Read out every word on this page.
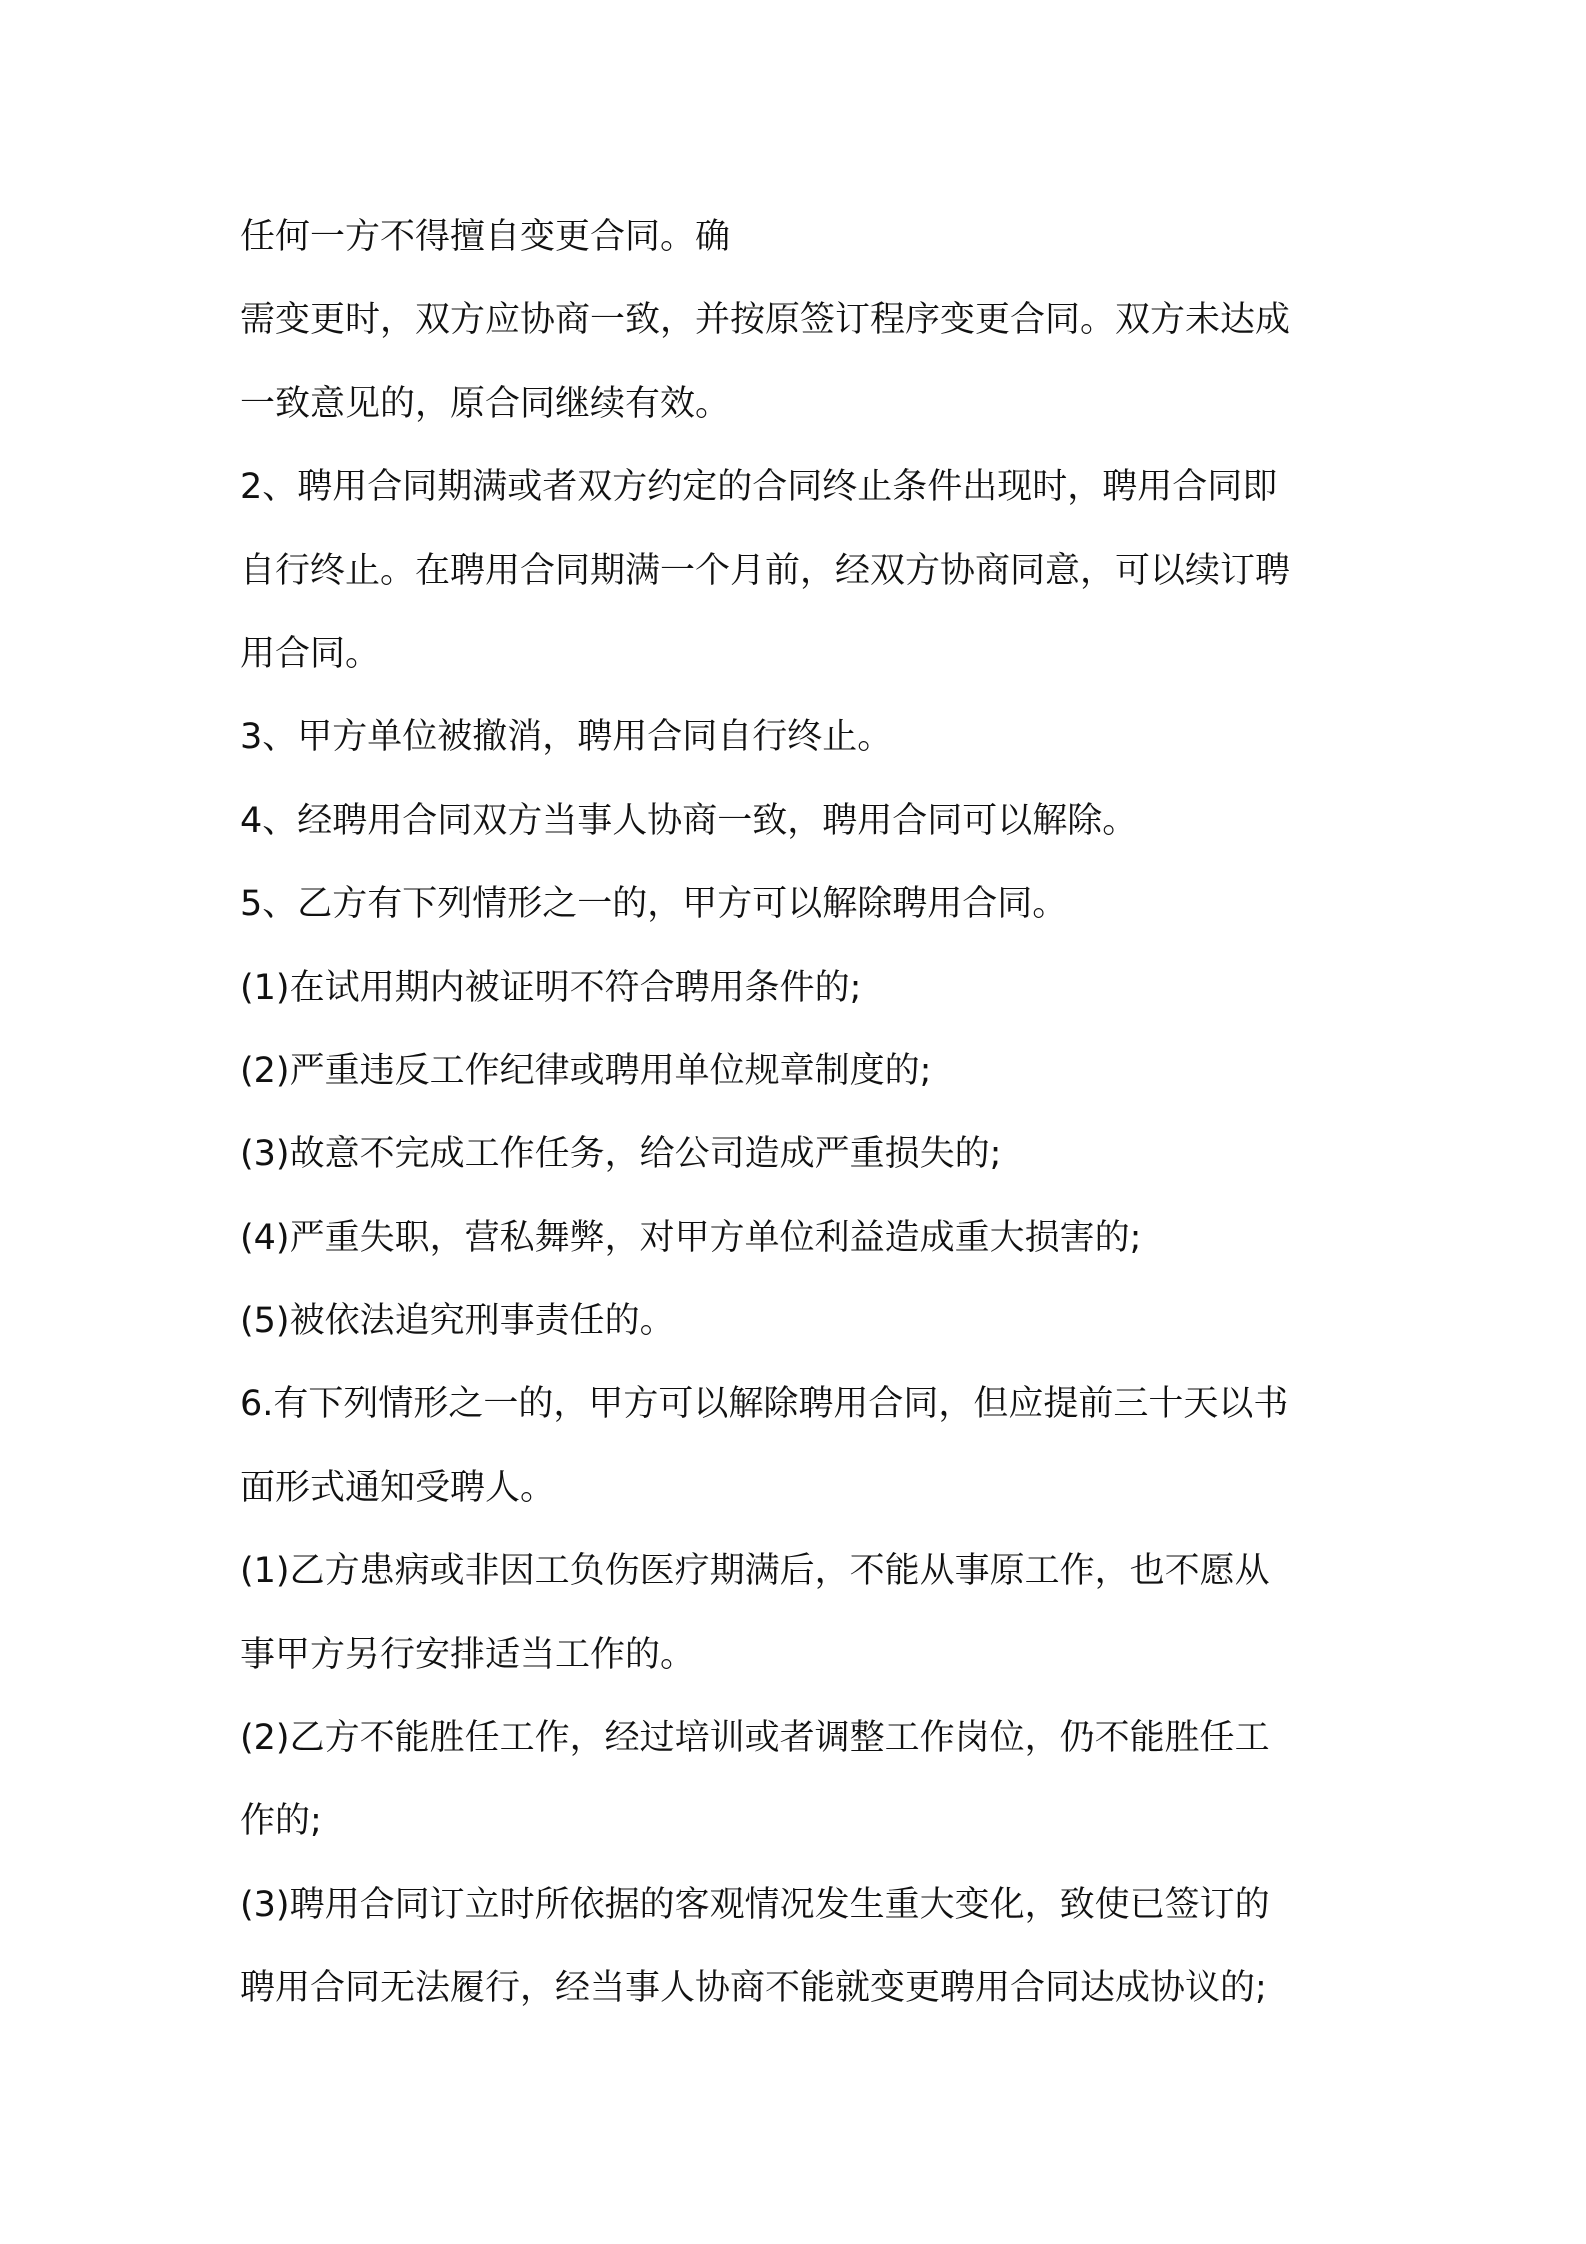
任何一方不得擅自变更合同。确
需变更时，双方应协商一致，并按原签订程序变更合同。双方未达成
一致意见的，原合同继续有效。
2、聘用合同期满或者双方约定的合同终止条件出现时，聘用合同即
自行终止。在聘用合同期满一个月前，经双方协商同意，可以续订聘
用合同。
3、甲方单位被撤消，聘用合同自行终止。
4、经聘用合同双方当事人协商一致，聘用合同可以解除。
5、乙方有下列情形之一的，甲方可以解除聘用合同。
(1)在试用期内被证明不符合聘用条件的;
(2)严重违反工作纪律或聘用单位规章制度的;
(3)故意不完成工作任务，给公司造成严重损失的;
(4)严重失职，营私舞弊，对甲方单位利益造成重大损害的;
(5)被依法追究刑事责任的。
6.有下列情形之一的，甲方可以解除聘用合同，但应提前三十天以书
面形式通知受聘人。
(1)乙方患病或非因工负伤医疗期满后，不能从事原工作，也不愿从
事甲方另行安排适当工作的。
(2)乙方不能胜任工作，经过培训或者调整工作岗位，仍不能胜任工
作的;
(3)聘用合同订立时所依据的客观情况发生重大变化，致使已签订的
聘用合同无法履行，经当事人协商不能就变更聘用合同达成协议的;
